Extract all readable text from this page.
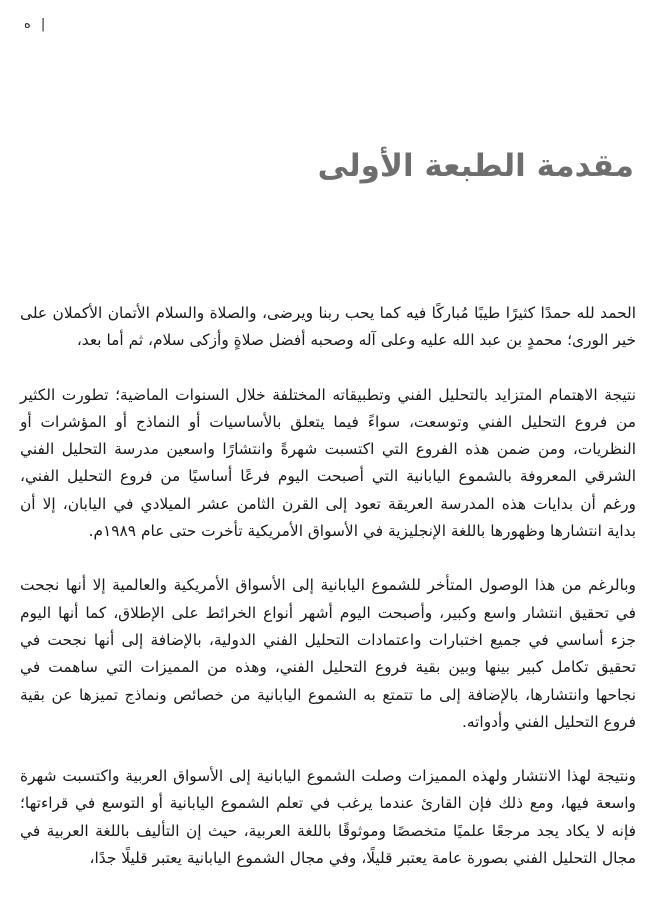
ه |
مقدمة الطبعة الأولى

الحمد لله حمدًا كثيرًا طيبًا مُباركًا فيه كما يحب ربنا ويرضى، والصلاة والسلام الأتمان الأكملان على خير الورى؛ محمدٍ بن عبد الله عليه وعلى آله وصحبه أفضل صلاةٍ وأزكى سلام، ثم أما بعد،

نتيجة الاهتمام المتزايد بالتحليل الفني وتطبيقاته المختلفة خلال السنوات الماضية؛ تطورت الكثير من فروع التحليل الفني وتوسعت، سواءً فيما يتعلق بالأساسيات أو النماذج أو المؤشرات أو النظريات، ومن ضمن هذه الفروع التي اكتسبت شهرةً وانتشارًا واسعين مدرسة التحليل الفني الشرقي المعروفة بالشموع اليابانية التي أصبحت اليوم فرعًا أساسيًا من فروع التحليل الفني، ورغم أن بدايات هذه المدرسة العريقة تعود إلى القرن الثامن عشر الميلادي في اليابان، إلا أن بداية انتشارها وظهورها باللغة الإنجليزية في الأسواق الأمريكية تأخرت حتى عام ١٩٨٩م.

وبالرغم من هذا الوصول المتأخر للشموع اليابانية إلى الأسواق الأمريكية والعالمية إلا أنها نجحت في تحقيق انتشار واسع وكبير، وأصبحت اليوم أشهر أنواع الخرائط على الإطلاق، كما أنها اليوم جزء أساسي في جميع اختبارات واعتمادات التحليل الفني الدولية، بالإضافة إلى أنها نجحت في تحقيق تكامل كبير بينها وبين بقية فروع التحليل الفني، وهذه من المميزات التي ساهمت في نجاحها وانتشارها، بالإضافة إلى ما تتمتع به الشموع اليابانية من خصائص ونماذج تميزها عن بقية فروع التحليل الفني وأدواته.

ونتيجة لهذا الانتشار ولهذه المميزات وصلت الشموع اليابانية إلى الأسواق العربية واكتسبت شهرة واسعة فيها، ومع ذلك فإن القارئ عندما يرغب في تعلم الشموع اليابانية أو التوسع في قراءتها؛ فإنه لا يكاد يجد مرجعًا علميًا متخصصًا وموثوقًا باللغة العربية، حيث إن التأليف باللغة العربية في مجال التحليل الفني بصورة عامة يعتبر قليلًا، وفي مجال الشموع اليابانية يعتبر قليلًا جدًا،
